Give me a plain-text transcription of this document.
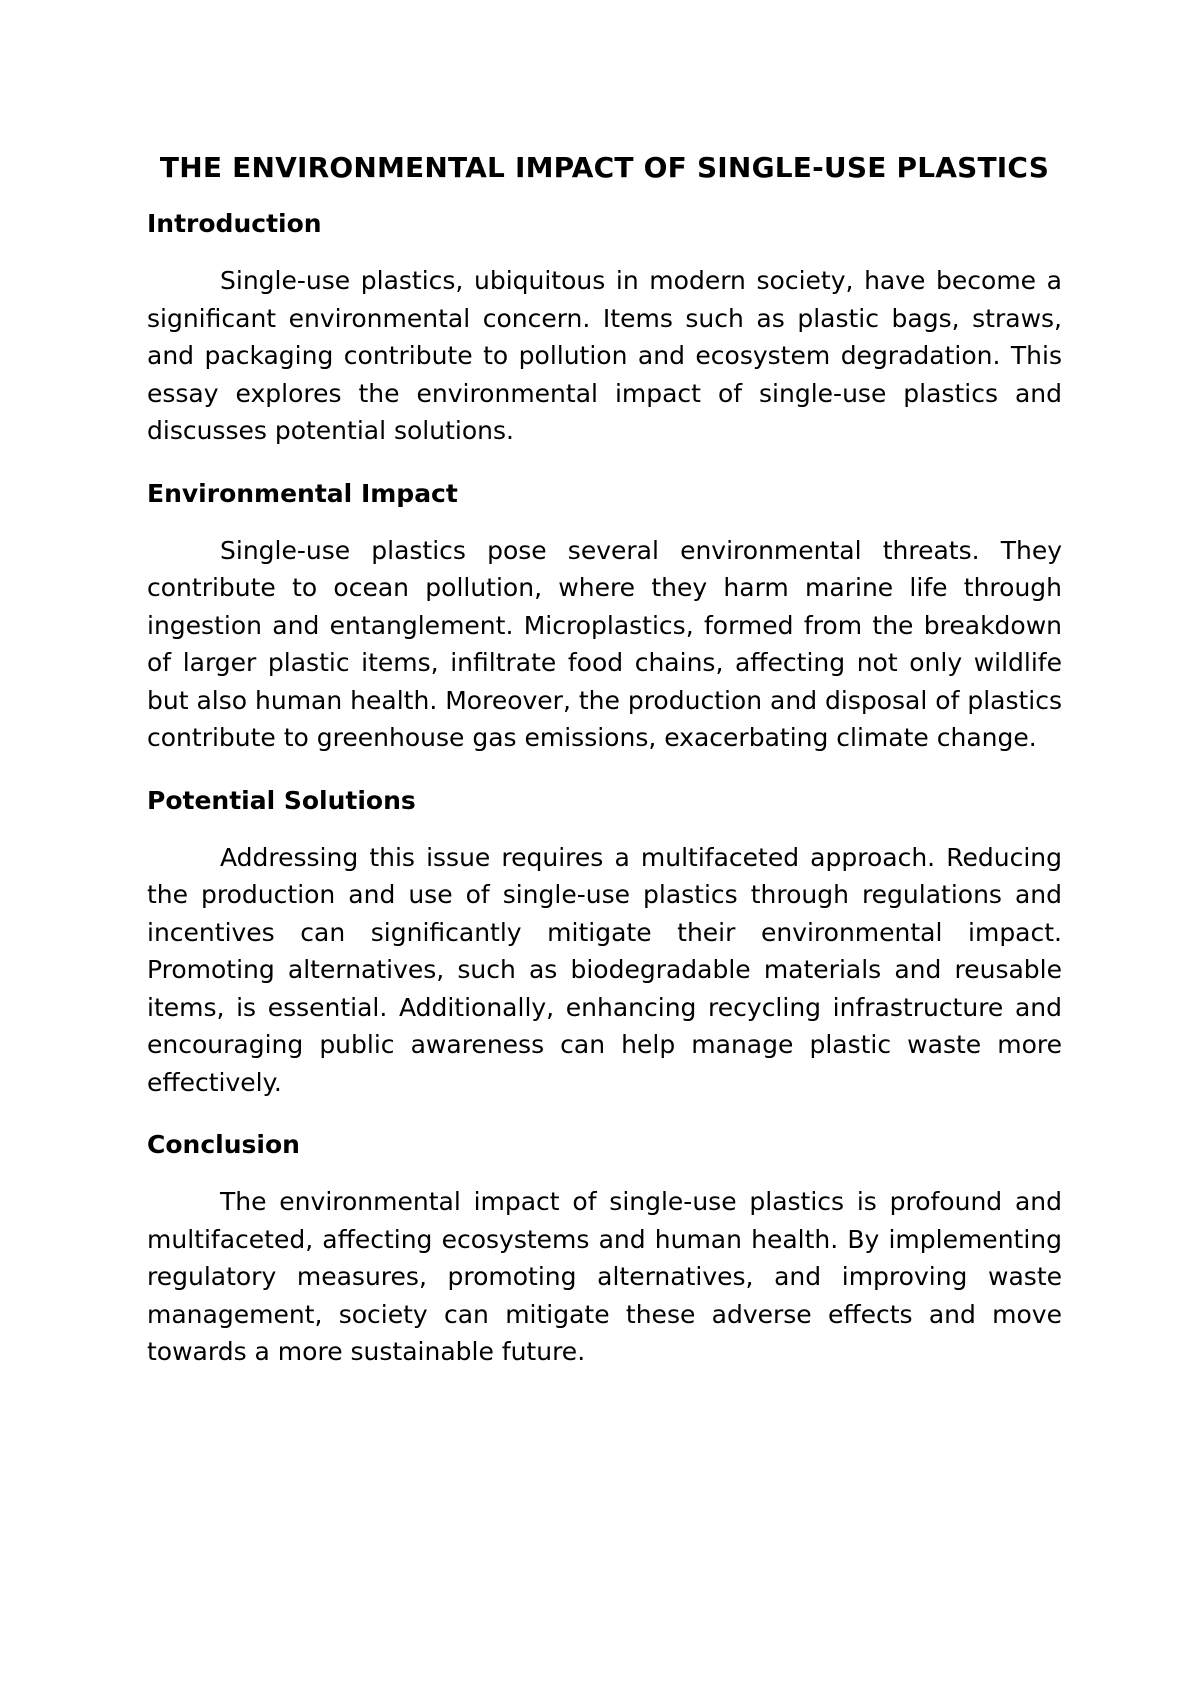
THE ENVIRONMENTAL IMPACT OF SINGLE-USE PLASTICS
Introduction

Single-use plastics, ubiquitous in modern society, have become a significant environmental concern. Items such as plastic bags, straws, and packaging contribute to pollution and ecosystem degradation. This essay explores the environmental impact of single-use plastics and discusses potential solutions.

Environmental Impact

Single-use plastics pose several environmental threats. They contribute to ocean pollution, where they harm marine life through ingestion and entanglement. Microplastics, formed from the breakdown of larger plastic items, infiltrate food chains, affecting not only wildlife but also human health. Moreover, the production and disposal of plastics contribute to greenhouse gas emissions, exacerbating climate change.

Potential Solutions

Addressing this issue requires a multifaceted approach. Reducing the production and use of single-use plastics through regulations and incentives can significantly mitigate their environmental impact. Promoting alternatives, such as biodegradable materials and reusable items, is essential. Additionally, enhancing recycling infrastructure and encouraging public awareness can help manage plastic waste more effectively.

Conclusion

The environmental impact of single-use plastics is profound and multifaceted, affecting ecosystems and human health. By implementing regulatory measures, promoting alternatives, and improving waste management, society can mitigate these adverse effects and move towards a more sustainable future.
